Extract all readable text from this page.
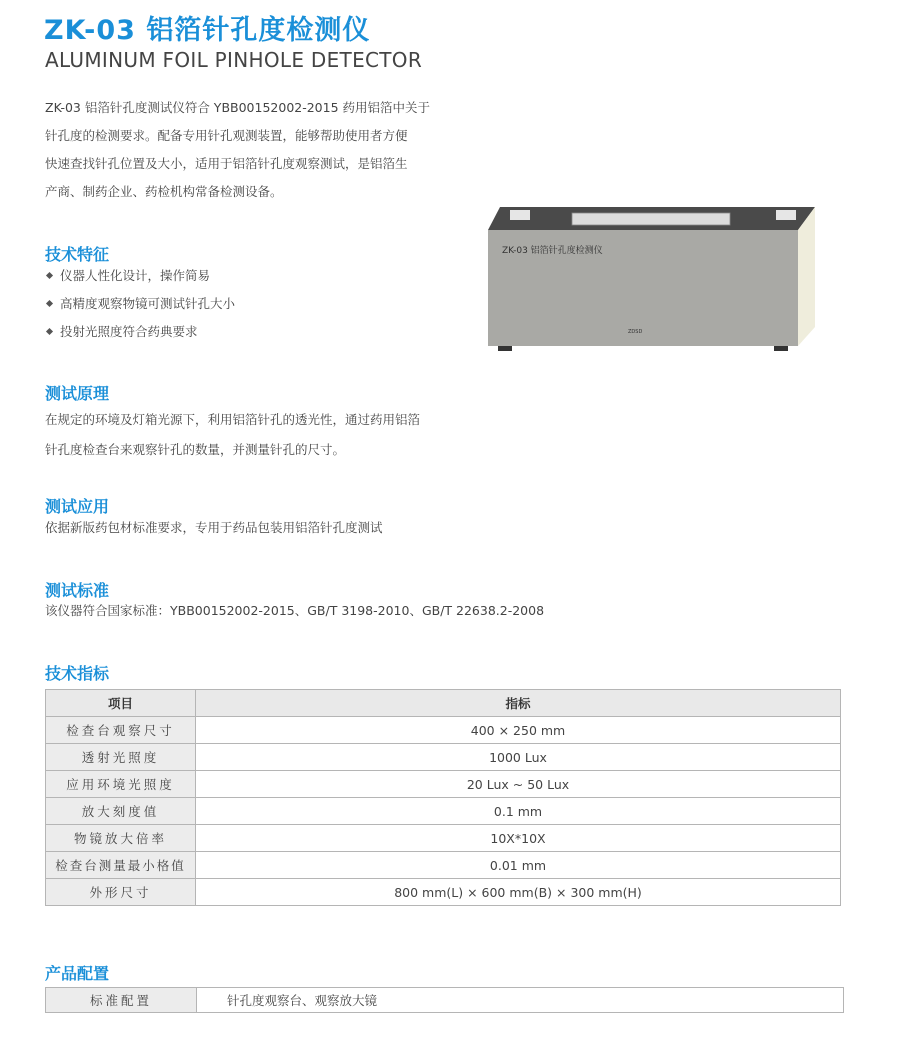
ZK-03 铝箔针孔度检测仪
ALUMINUM FOIL PINHOLE DETECTOR
ZK-03 铝箔针孔度测试仪符合 YBB00152002-2015 药用铝箔中关于
针孔度的检测要求。配备专用针孔观测装置，能够帮助使用者方便
快速查找针孔位置及大小，适用于铝箔针孔度观察测试，是铝箔生
产商、制药企业、药检机构常备检测设备。
技术特征
仪器人性化设计，操作简易
高精度观察物镜可测试针孔大小
投射光照度符合药典要求
ZK-03 铝箔针孔度检测仪
ZDSD
测试原理
在规定的环境及灯箱光源下，利用铝箔针孔的透光性，通过药用铝箔
针孔度检查台来观察针孔的数量，并测量针孔的尺寸。
测试应用
依据新版药包材标准要求，专用于药品包装用铝箔针孔度测试
测试标准
该仪器符合国家标准：YBB00152002-2015、GB/T 3198-2010、GB/T 22638.2-2008
技术指标
项目	指标
检查台观察尺寸	400 × 250 mm
透射光照度	1000 Lux
应用环境光照度	20 Lux ~ 50 Lux
放大刻度值	0.1 mm
物镜放大倍率	10X*10X
检查台测量最小格值	0.01 mm
外形尺寸	800 mm(L) × 600 mm(B) × 300 mm(H)
产品配置
标准配置	针孔度观察台、观察放大镜
